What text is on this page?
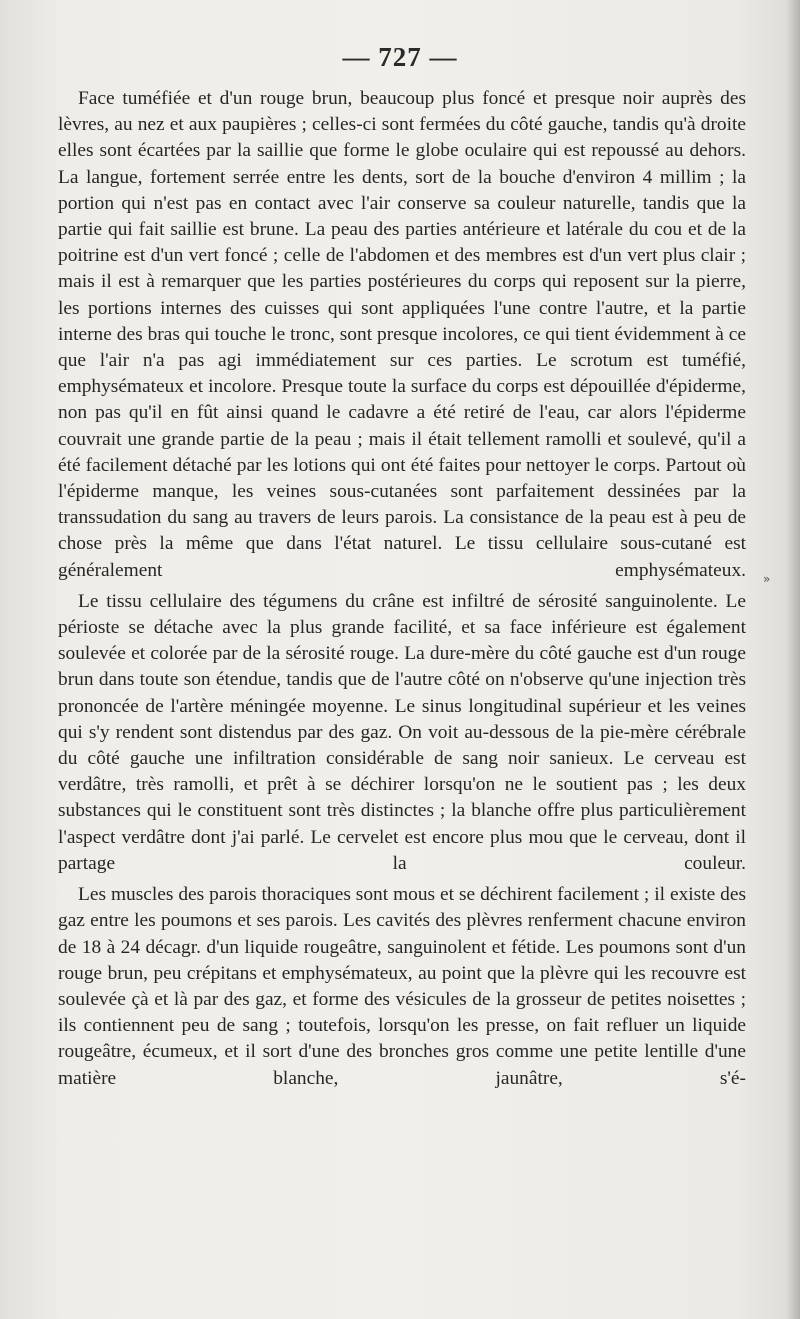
— 727 —

Face tuméfiée et d'un rouge brun, beaucoup plus foncé et presque noir auprès des lèvres, au nez et aux paupières ; celles-ci sont fermées du côté gauche, tandis qu'à droite elles sont écartées par la saillie que forme le globe oculaire qui est repoussé au dehors. La langue, fortement serrée entre les dents, sort de la bouche d'environ 4 millim ; la portion qui n'est pas en contact avec l'air conserve sa couleur naturelle, tandis que la partie qui fait saillie est brune. La peau des parties antérieure et latérale du cou et de la poitrine est d'un vert foncé ; celle de l'abdomen et des membres est d'un vert plus clair ; mais il est à remarquer que les parties postérieures du corps qui reposent sur la pierre, les portions internes des cuisses qui sont appliquées l'une contre l'autre, et la partie interne des bras qui touche le tronc, sont presque incolores, ce qui tient évidemment à ce que l'air n'a pas agi immédiatement sur ces parties. Le scrotum est tuméfié, emphysémateux et incolore. Presque toute la surface du corps est dépouillée d'épiderme, non pas qu'il en fût ainsi quand le cadavre a été retiré de l'eau, car alors l'épiderme couvrait une grande partie de la peau ; mais il était tellement ramolli et soulevé, qu'il a été facilement détaché par les lotions qui ont été faites pour nettoyer le corps. Partout où l'épiderme manque, les veines sous-cutanées sont parfaitement dessinées par la transsudation du sang au travers de leurs parois. La consistance de la peau est à peu de chose près la même que dans l'état naturel. Le tissu cellulaire sous-cutané est généralement emphysémateux.

Le tissu cellulaire des tégumens du crâne est infiltré de sérosité sanguinolente. Le périoste se détache avec la plus grande facilité, et sa face inférieure est également soulevée et colorée par de la sérosité rouge. La dure-mère du côté gauche est d'un rouge brun dans toute son étendue, tandis que de l'autre côté on n'observe qu'une injection très prononcée de l'artère méningée moyenne. Le sinus longitudinal supérieur et les veines qui s'y rendent sont distendus par des gaz. On voit au-dessous de la pie-mère cérébrale du côté gauche une infiltration considérable de sang noir sanieux. Le cerveau est verdâtre, très ramolli, et prêt à se déchirer lorsqu'on ne le soutient pas ; les deux substances qui le constituent sont très distinctes ; la blanche offre plus particulièrement l'aspect verdâtre dont j'ai parlé. Le cervelet est encore plus mou que le cerveau, dont il partage la couleur.

Les muscles des parois thoraciques sont mous et se déchirent facilement ; il existe des gaz entre les poumons et ses parois. Les cavités des plèvres renferment chacune environ de 18 à 24 décagr. d'un liquide rougeâtre, sanguinolent et fétide. Les poumons sont d'un rouge brun, peu crépitans et emphysémateux, au point que la plèvre qui les recouvre est soulevée çà et là par des gaz, et forme des vésicules de la grosseur de petites noisettes ; ils contiennent peu de sang ; toutefois, lorsqu'on les presse, on fait refluer un liquide rougeâtre, écumeux, et il sort d'une des bronches gros comme une petite lentille d'une matière blanche, jaunâtre, s'é-

»
